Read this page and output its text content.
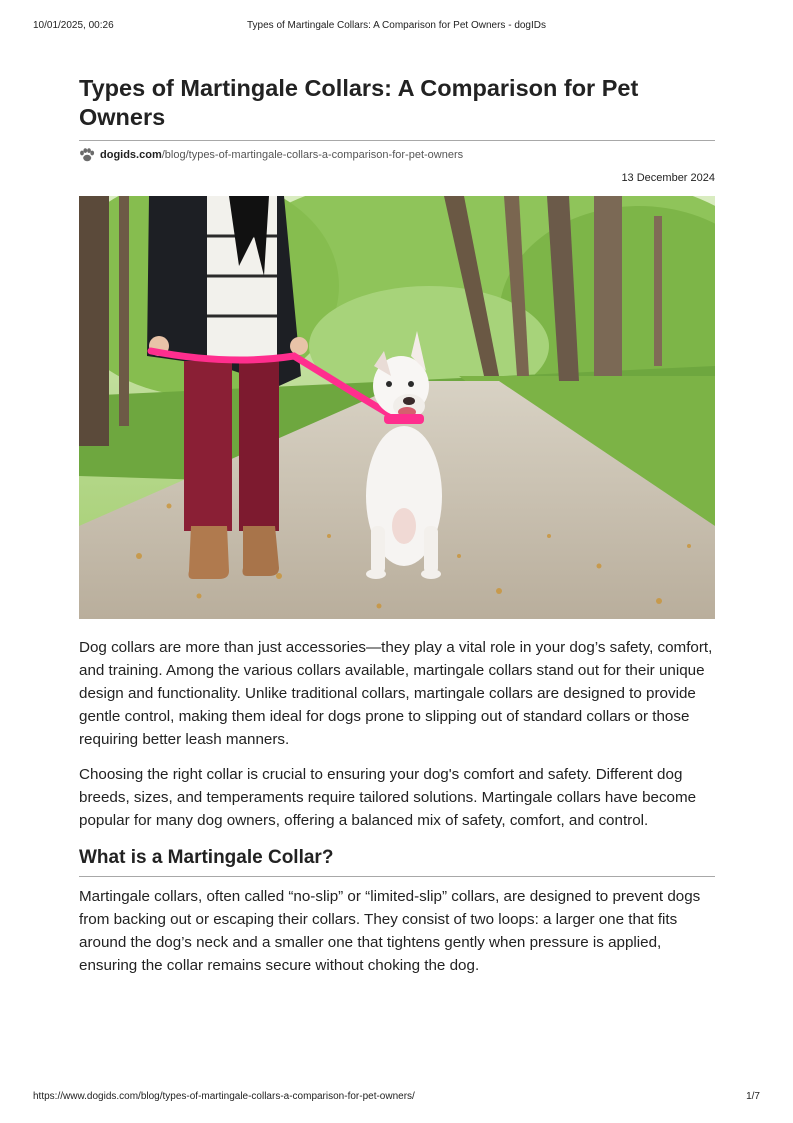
10/01/2025, 00:26	Types of Martingale Collars: A Comparison for Pet Owners - dogIDs
Types of Martingale Collars: A Comparison for Pet Owners
dogids.com/blog/types-of-martingale-collars-a-comparison-for-pet-owners
13 December 2024

Dog collars are more than just accessories—they play a vital role in your dog’s safety, comfort, and training. Among the various collars available, martingale collars stand out for their unique design and functionality. Unlike traditional collars, martingale collars are designed to provide gentle control, making them ideal for dogs prone to slipping out of standard collars or those requiring better leash manners.

Choosing the right collar is crucial to ensuring your dog's comfort and safety. Different dog breeds, sizes, and temperaments require tailored solutions. Martingale collars have become popular for many dog owners, offering a balanced mix of safety, comfort, and control.

What is a Martingale Collar?

Martingale collars, often called “no-slip” or “limited-slip” collars, are designed to prevent dogs from backing out or escaping their collars. They consist of two loops: a larger one that fits around the dog’s neck and a smaller one that tightens gently when pressure is applied, ensuring the collar remains secure without choking the dog.

https://www.dogids.com/blog/types-of-martingale-collars-a-comparison-for-pet-owners/	1/7
